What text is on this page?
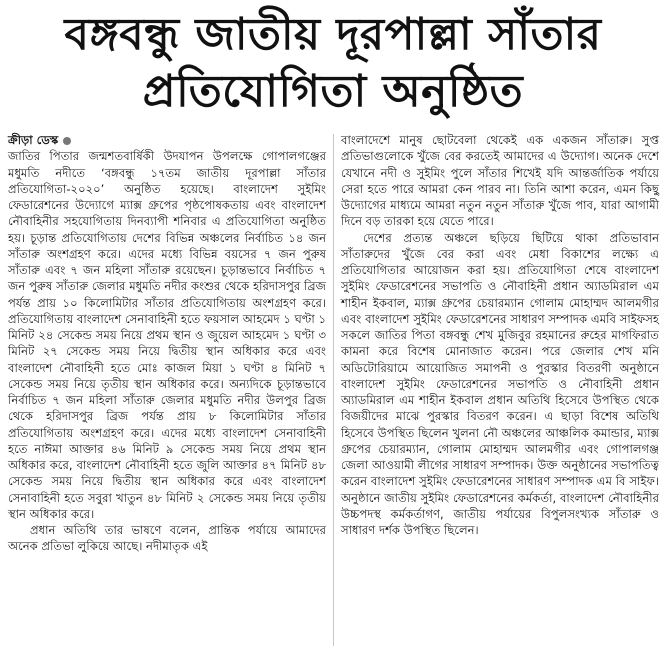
বঙ্গবন্ধু জাতীয় দূরপাল্লা সাঁতার
প্রতিযোগিতা অনুষ্ঠিত
ক্রীড়া ডেস্ক

জাতির পিতার জন্মশতবার্ষিকী উদযাপন উপলক্ষে গোপালগঞ্জের মধুমতি নদীতে ‘বঙ্গবন্ধু ১৭তম জাতীয় দূরপাল্লা সাঁতার প্রতিযোগিতা-২০২০’ অনুষ্ঠিত হয়েছে। বাংলাদেশ সুইমিং ফেডারেশনের উদ্যোগে ম্যাক্স গ্রুপের পৃষ্ঠপোষকতায় এবং বাংলাদেশ নৌবাহিনীর সহযোগিতায় দিনব্যাপী শনিবার এ প্রতিযোগিতা অনুষ্ঠিত হয়। চূড়ান্ত প্রতিযোগিতায় দেশের বিভিন্ন অঞ্চলের নির্বাচিত ১৪ জন সাঁতারু অংশগ্রহণ করে। এদের মধ্যে বিভিন্ন বয়সের ৭ জন পুরুষ সাঁতারু এবং ৭ জন মহিলা সাঁতারু রয়েছেন। চূড়ান্তভাবে নির্বাচিত ৭ জন পুরুষ সাঁতারু জেলার মধুমতি নদীর কংশুর থেকে হরিদাসপুর ব্রিজ পর্যন্ত প্রায় ১০ কিলোমিটার সাঁতার প্রতিযোগিতায় অংশগ্রহণ করে। প্রতিযোগিতায় বাংলাদেশ সেনাবাহিনী হতে ফয়সাল আহমেদ ১ ঘণ্টা ১ মিনিট ২৪ সেকেন্ড সময় নিয়ে প্রথম স্থান ও জুয়েল আহমেদ ১ ঘণ্টা ৩ মিনিট ২৭ সেকেন্ড সময় নিয়ে দ্বিতীয় স্থান অধিকার করে এবং বাংলাদেশ নৌবাহিনী হতে মোঃ কাজল মিয়া ১ ঘণ্টা ৪ মিনিট ৭ সেকেন্ড সময় নিয়ে তৃতীয় স্থান অধিকার করে। অন্যদিকে চূড়ান্তভাবে নির্বাচিত ৭ জন মহিলা সাঁতারু জেলার মধুমতি নদীর উলপুর ব্রিজ থেকে হরিদাসপুর ব্রিজ পর্যন্ত প্রায় ৮ কিলোমিটার সাঁতার প্রতিযোগিতায় অংশগ্রহণ করে। এদের মধ্যে বাংলাদেশ সেনাবাহিনী হতে নাঈমা আক্তার ৪৬ মিনিট ৯ সেকেন্ড সময় নিয়ে প্রথম স্থান অধিকার করে, বাংলাদেশ নৌবাহিনী হতে জুলি আক্তার ৪৭ মিনিট ৪৮ সেকেন্ড সময় নিয়ে দ্বিতীয় স্থান অধিকার করে এবং বাংলাদেশ সেনাবাহিনী হতে সবুরা খাতুন ৪৮ মিনিট ২ সেকেন্ড সময় নিয়ে তৃতীয় স্থান অধিকার করে।

প্রধান অতিথি তার ভাষণে বলেন, প্রান্তিক পর্যায়ে আমাদের অনেক প্রতিভা লুকিয়ে আছে। নদীমাতৃক এই

বাংলাদেশে মানুষ ছোটবেলা থেকেই এক একজন সাঁতারু। সুপ্ত প্রতিভাগুলোকে খুঁজে বের করতেই আমাদের এ উদ্যোগ। অনেক দেশে যেখানে নদী ও সুইমিং পুলে সাঁতার শিখেই যদি আন্তর্জাতিক পর্যায়ে সেরা হতে পারে আমরা কেন পারব না। তিনি আশা করেন, এমন কিছু উদ্যোগের মাধ্যমে আমরা নতুন নতুন সাঁতারু খুঁজে পাব, যারা আগামী দিনে বড় তারকা হয়ে যেতে পারে।

দেশের প্রত্যন্ত অঞ্চলে ছড়িয়ে ছিটিয়ে থাকা প্রতিভাবান সাঁতারুদের খুঁজে বের করা এবং মেধা বিকাশের লক্ষ্যে এ প্রতিযোগিতার আয়োজন করা হয়। প্রতিযোগিতা শেষে বাংলাদেশ সুইমিং ফেডারেশনের সভাপতি ও নৌবাহিনী প্রধান অ্যাডমিরাল এম শাহীন ইকবাল, ম্যাক্স গ্রুপের চেয়ারম্যান গোলাম মোহাম্মদ আলমগীর এবং বাংলাদেশ সুইমিং ফেডারেশনের সাধারণ সম্পাদক এমবি সাইফসহ সকলে জাতির পিতা বঙ্গবন্ধু শেখ মুজিবুর রহমানের রুহের মাগফিরাত কামনা করে বিশেষ মোনাজাত করেন। পরে জেলার শেখ মনি অডিটোরিয়ামে আয়োজিত সমাপনী ও পুরস্কার বিতরণী অনুষ্ঠানে বাংলাদেশ সুইমিং ফেডারেশনের সভাপতি ও নৌবাহিনী প্রধান অ্যাডমিরাল এম শাহীন ইকবাল প্রধান অতিথি হিসেবে উপস্থিত থেকে বিজয়ীদের মাঝে পুরস্কার বিতরণ করেন। এ ছাড়া বিশেষ অতিথি হিসেবে উপস্থিত ছিলেন খুলনা নৌ অঞ্চলের আঞ্চলিক কমান্ডার, ম্যাক্স গ্রুপের চেয়ারম্যান, গোলাম মোহাম্মদ আলমগীর এবং গোপালগঞ্জ জেলা আওয়ামী লীগের সাধারণ সম্পাদক। উক্ত অনুষ্ঠানের সভাপতিত্ব করেন বাংলাদেশ সুইমিং ফেডারেশনের সাধারণ সম্পাদক এম বি সাইফ। অনুষ্ঠানে জাতীয় সুইমিং ফেডারেশনের কর্মকর্তা, বাংলাদেশ নৌবাহিনীর উচ্চপদস্থ কর্মকর্তাগণ, জাতীয় পর্যায়ের বিপুলসংখ্যক সাঁতারু ও সাধারণ দর্শক উপস্থিত ছিলেন।
